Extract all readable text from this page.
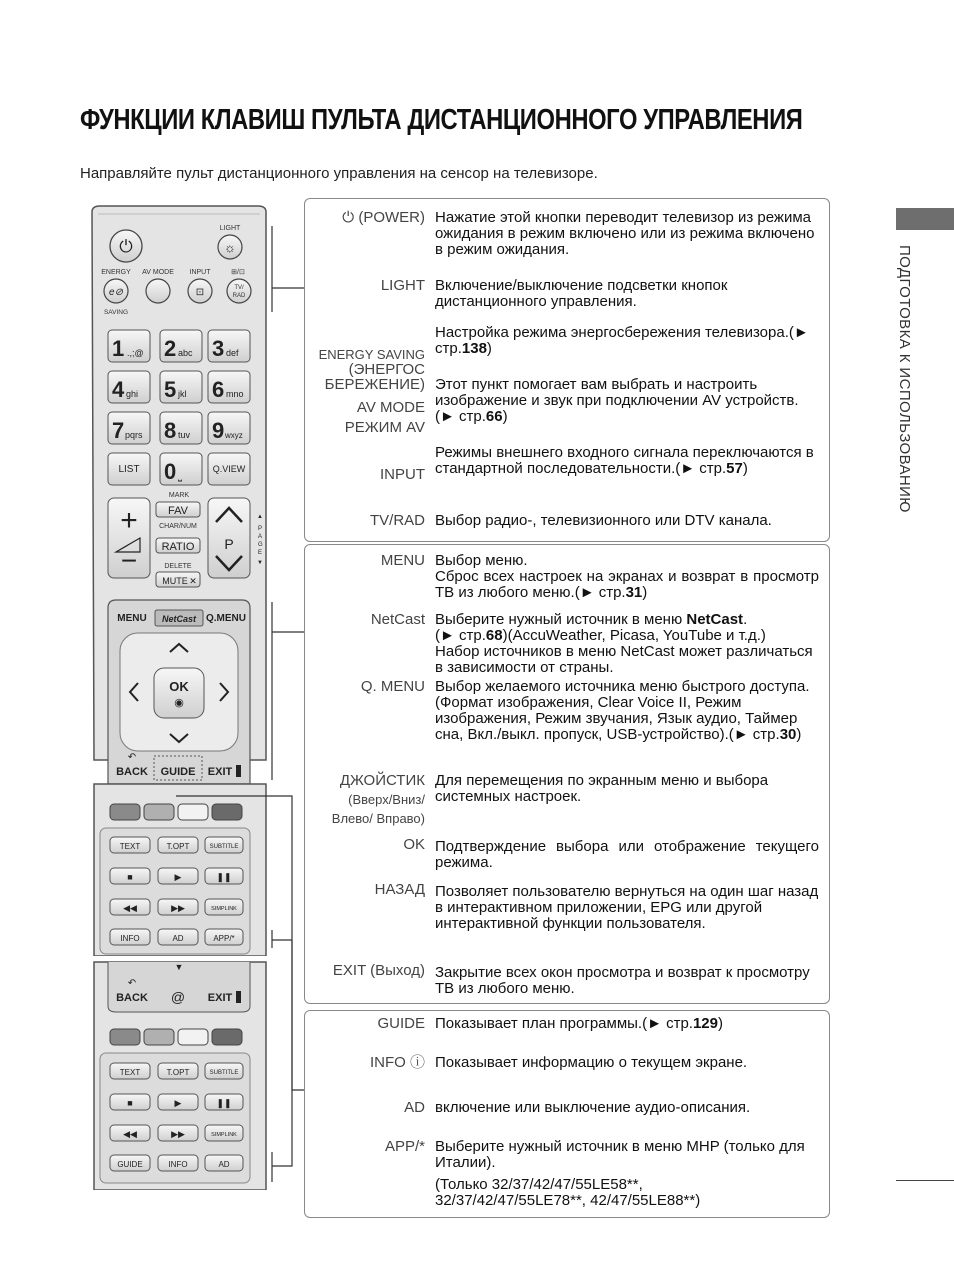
ФУНКЦИИ КЛАВИШ ПУЛЬТА ДИСТАНЦИОННОГО УПРАВЛЕНИЯ
Направляйте пульт дистанционного управления на сенсор на телевизоре.
ПОДГОТОВКА К ИСПОЛЬЗОВАНИЮ
⏻
LIGHT
☼
ENERGY AV MODE INPUT	⊞/⊡
e⊘	⊡	TV/
RAD
SAVING
1 .,;@ 2 abc 3 def
4 ghi 5 jkl 6 mno
7 pqrs 8 tuv 9 wxyz
LIST 0 ⎵
Q.VIEW
+
−
MARK
FAV
CHAR/NUM
RATIO
DELETE
MUTE ✕
P
▲
P
A
G
E
▼
MENU NetCast Q.MENU
OK
◉
↶
BACK GUIDE EXIT
TEXT	T.OPT	SUBTITLE
■	▶	❚❚
◀◀	▶▶	SIMPLINK
INFO	AD	APP/*
▼
↶
BACK @ EXIT
TEXT	T.OPT	SUBTITLE
■	▶	❚❚
◀◀	▶▶	SIMPLINK
GUIDE	INFO	AD
⏻ (POWER) Нажатие этой кнопки переводит телевизор из режима ожидания в режим включено или из режима включено в режим ожидания.
LIGHT Включение/выключение подсветки кнопок дистанционного управления.
ENERGY SAVING
(ЭНЕРГОС
БЕРЕЖЕНИЕ)
Настройка режима энергосбережения телевизора.(► стр.138)
AV MODE
РЕЖИМ AV
Этот пункт помогает вам выбрать и настроить изображение и звук при подключении AV устройств. (► стр.66)
INPUT
Режимы внешнего входного сигнала переключаются в стандартной последовательности.(► стр.57)
TV/RAD Выбор радио-, телевизионного или DTV канала.
MENU Выбор меню.

Сброс всех настроек на экранах и возврат в просмотр ТВ из любого меню.(► стр.31)

NetCast Выберите нужный источник в меню NetCast.

(► стр.68)(AccuWeather, Picasa, YouTube и т.д.)

Набор источников в меню NetCast может различаться в зависимости от страны.

Q. MENU Выбор желаемого источника меню быстрого доступа. (Формат изображения, Clear Voice II, Режим изображения, Режим звучания, Язык аудио, Таймер сна, Вкл./выкл. пропуск, USB-устройство).(► стр.30)
ДЖОЙСТИК
(Вверх/Вниз/
Влево/ Вправо)
Для перемещения по экранным меню и выбора системных настроек.
OK Подтверждение выбора или отображение текущего режима.
НАЗАД Позволяет пользователю вернуться на один шаг назад в интерактивном приложении, EPG или другой интерактивной функции пользователя.
EXIT (Выход) Закрытие всех окон просмотра и возврат к просмотру ТВ из любого меню.
GUIDE Показывает план программы.(► стр.129)
INFO ⓘ Показывает информацию о текущем экране.
AD включение или выключение аудио-описания.
APP/* Выберите нужный источник в меню MHP (только для Италии).

(Только 32/37/42/47/55LE58**,

32/37/42/47/55LE78**, 42/47/55LE88**)
